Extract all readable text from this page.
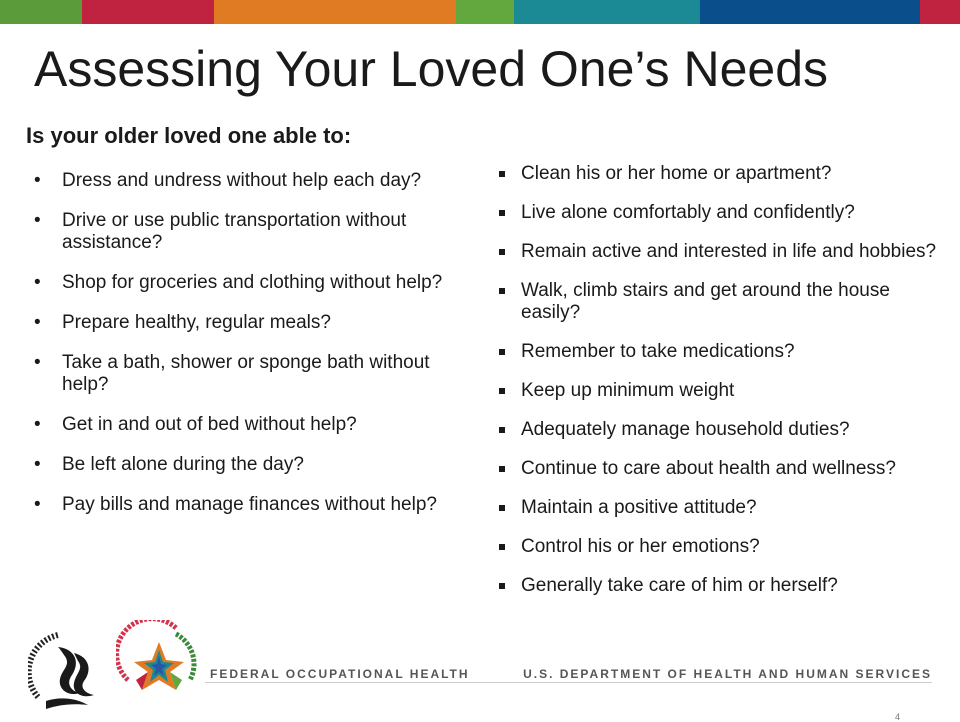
Assessing Your Loved One’s Needs

Is your older loved one able to:

• Dress and undress without help each day?
• Drive or use public transportation without assistance?
• Shop for groceries and clothing without help?
• Prepare healthy, regular meals?
• Take a bath, shower or sponge bath without help?
• Get in and out of bed without help?
• Be left alone during the day?
• Pay bills and manage finances without help?
Clean his or her home or apartment?
Live alone comfortably and confidently?
Remain active and interested in life and hobbies?
Walk, climb stairs and get around the house easily?
Remember to take medications?
Keep up minimum weight
Adequately manage household duties?
Continue to care about health and wellness?
Maintain a positive attitude?
Control his or her emotions?
Generally take care of him or herself?
FEDERAL OCCUPATIONAL HEALTH	U.S. DEPARTMENT OF HEALTH AND HUMAN SERVICES
4
